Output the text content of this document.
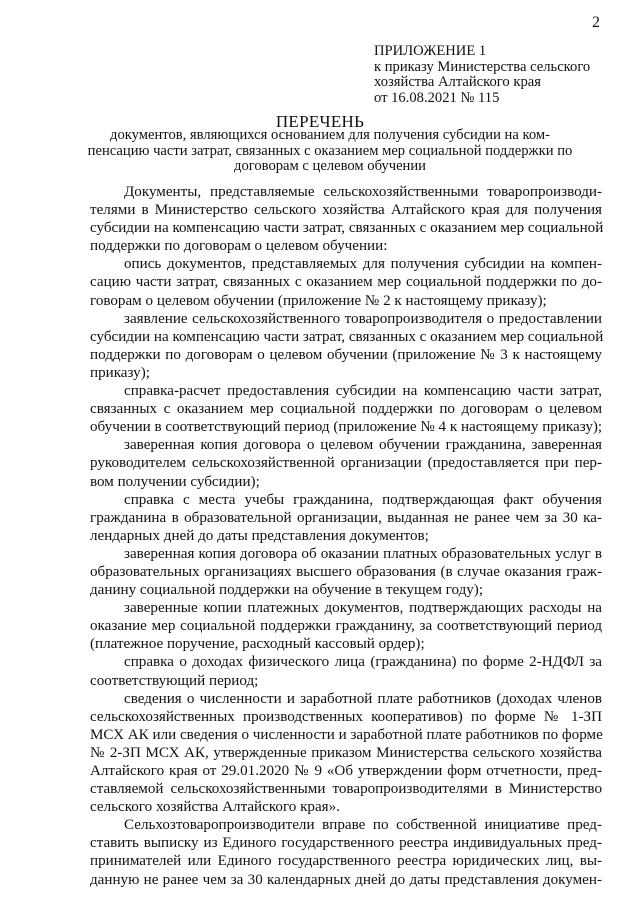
2
ПРИЛОЖЕНИЕ 1
к приказу Министерства сельского
хозяйства Алтайского края
от 16.08.2021 № 115
ПЕРЕЧЕНЬ
документов, являющихся основанием для получения субсидии на ком-
пенсацию части затрат, связанных с оказанием мер социальной поддержки по
договорам с целевом обучении
Документы, представляемые сельскохозяйственными товаропроизводи-
телями в Министерство сельского хозяйства Алтайского края для получения
субсидии на компенсацию части затрат, связанных с оказанием мер социальной
поддержки по договорам о целевом обучении:
опись документов, представляемых для получения субсидии на компен-
сацию части затрат, связанных с оказанием мер социальной поддержки по до-
говорам о целевом обучении (приложение № 2 к настоящему приказу);
заявление сельскохозяйственного товаропроизводителя о предоставлении
субсидии на компенсацию части затрат, связанных с оказанием мер социальной
поддержки по договорам о целевом обучении (приложение № 3 к настоящему
приказу);
справка-расчет предоставления субсидии на компенсацию части затрат,
связанных с оказанием мер социальной поддержки по договорам о целевом
обучении в соответствующий период (приложение № 4 к настоящему приказу);
заверенная копия договора о целевом обучении гражданина, заверенная
руководителем сельскохозяйственной организации (предоставляется при пер-
вом получении субсидии);
справка с места учебы гражданина, подтверждающая факт обучения
гражданина в образовательной организации, выданная не ранее чем за 30 ка-
лендарных дней до даты представления документов;
заверенная копия договора об оказании платных образовательных услуг в
образовательных организациях высшего образования (в случае оказания граж-
данину социальной поддержки на обучение в текущем году);
заверенные копии платежных документов, подтверждающих расходы на
оказание мер социальной поддержки гражданину, за соответствующий период
(платежное поручение, расходный кассовый ордер);
справка о доходах физического лица (гражданина) по форме 2-НДФЛ за
соответствующий период;
сведения о численности и заработной плате работников (доходах членов
сельскохозяйственных производственных кооперативов) по форме № 1-ЗП
МСХ АК или сведения о численности и заработной плате работников по форме
№ 2-ЗП МСХ АК, утвержденные приказом Министерства сельского хозяйства
Алтайского края от 29.01.2020 № 9 «Об утверждении форм отчетности, пред-
ставляемой сельскохозяйственными товаропроизводителями в Министерство
сельского хозяйства Алтайского края».
Сельхозтоваропроизводители вправе по собственной инициативе пред-
ставить выписку из Единого государственного реестра индивидуальных пред-
принимателей или Единого государственного реестра юридических лиц, вы-
данную не ранее чем за 30 календарных дней до даты представления докумен-
